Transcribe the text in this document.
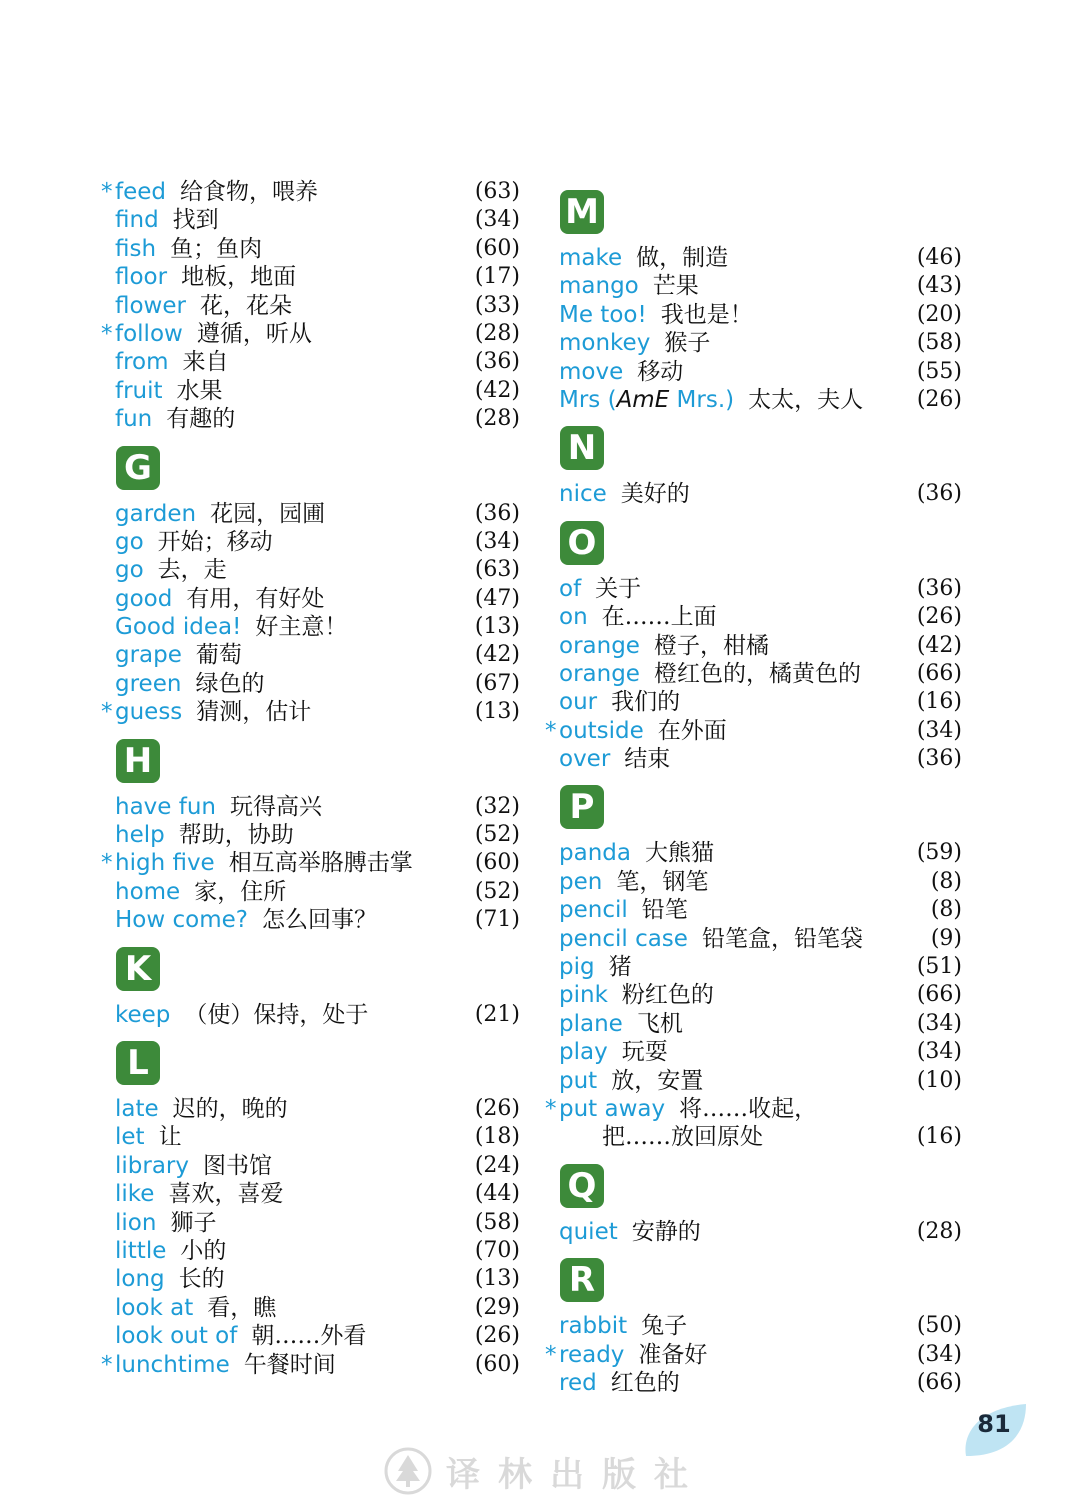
* feed 给食物，喂养	(63)
find 找到	(34)
fish 鱼；鱼肉	(60)
floor 地板，地面	(17)
flower 花，花朵	(33)
* follow 遵循，听从	(28)
from 来自	(36)
fruit 水果	(42)
fun 有趣的	(28)
G
garden 花园，园圃	(36)
go 开始；移动	(34)
go 去，走	(63)
good 有用，有好处	(47)
Good idea! 好主意！	(13)
grape 葡萄	(42)
green 绿色的	(67)
* guess 猜测，估计	(13)
H
have fun 玩得高兴	(32)
help 帮助，协助	(52)
* high five 相互高举胳膊击掌	(60)
home 家，住所	(52)
How come? 怎么回事？	(71)
K
keep （使）保持，处于	(21)
L
late 迟的，晚的	(26)
let 让	(18)
library 图书馆	(24)
like 喜欢，喜爱	(44)
lion 狮子	(58)
little 小的	(70)
long 长的	(13)
look at 看，瞧	(29)
look out of 朝……外看	(26)
* lunchtime 午餐时间	(60)
M
make 做，制造	(46)
mango 芒果	(43)
Me too! 我也是！	(20)
monkey 猴子	(58)
move 移动	(55)
Mrs (AmE Mrs.) 太太，夫人 (26)
N
nice 美好的	(36)
O
of 关于	(36)
on 在……上面	(26)
orange 橙子，柑橘	(42)
orange 橙红色的，橘黄色的	(66)
our 我们的	(16)
* outside 在外面	(34)
over 结束	(36)
P
panda 大熊猫	(59)
pen 笔，钢笔	(8)
pencil 铅笔	(8)
pencil case 铅笔盒，铅笔袋	(9)
pig 猪	(51)
pink 粉红色的	(66)
plane 飞机	(34)
play 玩耍	(34)
put 放，安置	(10)
* put away 将……收起，
把……放回原处	(16)
Q
quiet 安静的	(28)
R
rabbit 兔子	(50)
* ready 准备好	(34)
red 红色的	(66)
81
译林出版社
